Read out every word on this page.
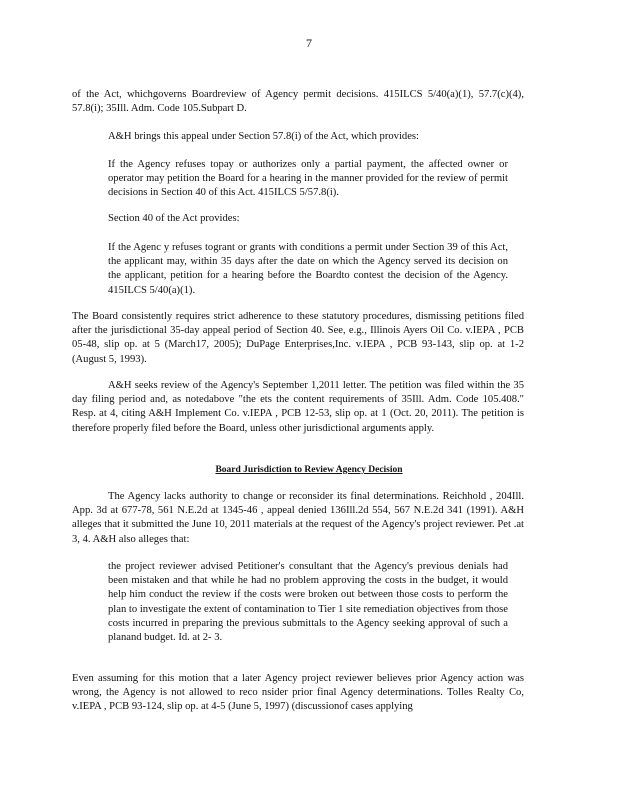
7

of the Act, whichgoverns Boardreview of Agency permit decisions. 415ILCS 5/40(a)(1), 57.7(c)(4), 57.8(i); 35Ill. Adm. Code 105.Subpart D.

A&H brings this appeal under Section 57.8(i) of the Act, which provides:

If the Agency refuses topay or authorizes only a partial payment, the affected owner or operator may petition the Board for a hearing in the manner provided for the review of permit decisions in Section 40 of this Act. 415ILCS 5/57.8(i).

Section 40 of the Act provides:

If the Agenc y refuses togrant or grants with conditions a permit under Section 39 of this Act, the applicant may, within 35 days after the date on which the Agency served its decision on the applicant, petition for a hearing before the Boardto contest the decision of the Agency. 415ILCS 5/40(a)(1).

The Board consistently requires strict adherence to these statutory procedures, dismissing petitions filed after the jurisdictional 35-day appeal period of Section 40. See, e.g., Illinois Ayers Oil Co. v.IEPA , PCB 05-48, slip op. at 5 (March17, 2005); DuPage Enterprises,Inc. v.IEPA , PCB 93-143, slip op. at 1-2 (August 5, 1993).

A&H seeks review of the Agency's September 1,2011 letter. The petition was filed within the 35 day filing period and, as notedabove "the ets the content requirements of 35Ill. Adm. Code 105.408." Resp. at 4, citing A&H Implement Co. v.IEPA , PCB 12-53, slip op. at 1 (Oct. 20, 2011). The petition is therefore properly filed before the Board, unless other jurisdictional arguments apply.

Board Jurisdiction to Review Agency Decision

The Agency lacks authority to change or reconsider its final determinations. Reichhold , 204Ill. App. 3d at 677-78, 561 N.E.2d at 1345-46 , appeal denied 136Ill.2d 554, 567 N.E.2d 341 (1991). A&H alleges that it submitted the June 10, 2011 materials at the request of the Agency's project reviewer. Pet .at 3, 4. A&H also alleges that:

the project reviewer advised Petitioner's consultant that the Agency's previous denials had been mistaken and that while he had no problem approving the costs in the budget, it would help him conduct the review if the costs were broken out between those costs to perform the plan to investigate the extent of contamination to Tier 1 site remediation objectives from those costs incurred in preparing the previous submittals to the Agency seeking approval of such a planand budget. Id. at 2- 3.

Even assuming for this motion that a later Agency project reviewer believes prior Agency action was wrong, the Agency is not allowed to reco nsider prior final Agency determinations. Tolles Realty Co, v.IEPA , PCB 93-124, slip op. at 4-5 (June 5, 1997) (discussionof cases applying
